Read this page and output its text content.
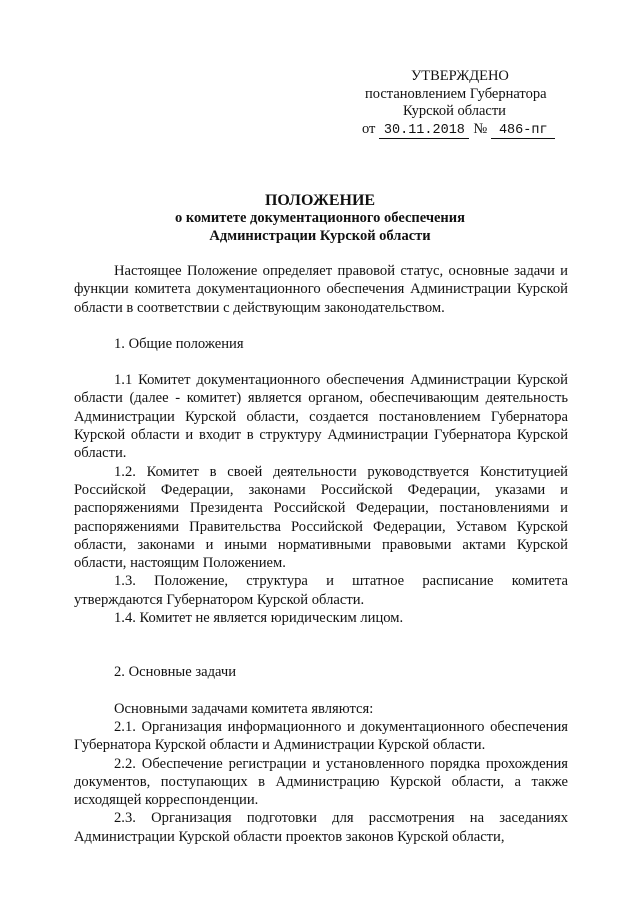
УТВЕРЖДЕНО
постановлением Губернатора
Курской области
от 30.11.2018 № 486-пг
ПОЛОЖЕНИЕ
о комитете документационного обеспечения
Администрации Курской области

Настоящее Положение определяет правовой статус, основные задачи и функции комитета документационного обеспечения Администрации Курской области в соответствии с действующим законодательством.

1. Общие положения

1.1 Комитет документационного обеспечения Администрации Курской области (далее - комитет) является органом, обеспечивающим деятельность Администрации Курской области, создается постановлением Губернатора Курской области и входит в структуру Администрации Губернатора Курской области.

1.2. Комитет в своей деятельности руководствуется Конституцией Российской Федерации, законами Российской Федерации, указами и распоряжениями Президента Российской Федерации, постановлениями и распоряжениями Правительства Российской Федерации, Уставом Курской области, законами и иными нормативными правовыми актами Курской области, настоящим Положением.

1.3. Положение, структура и штатное расписание комитета утверждаются Губернатором Курской области.

1.4. Комитет не является юридическим лицом.

2. Основные задачи

Основными задачами комитета являются:

2.1. Организация информационного и документационного обеспечения Губернатора Курской области и Администрации Курской области.

2.2. Обеспечение регистрации и установленного порядка прохождения документов, поступающих в Администрацию Курской области, а также исходящей корреспонденции.

2.3. Организация подготовки для рассмотрения на заседаниях Администрации Курской области проектов законов Курской области,
